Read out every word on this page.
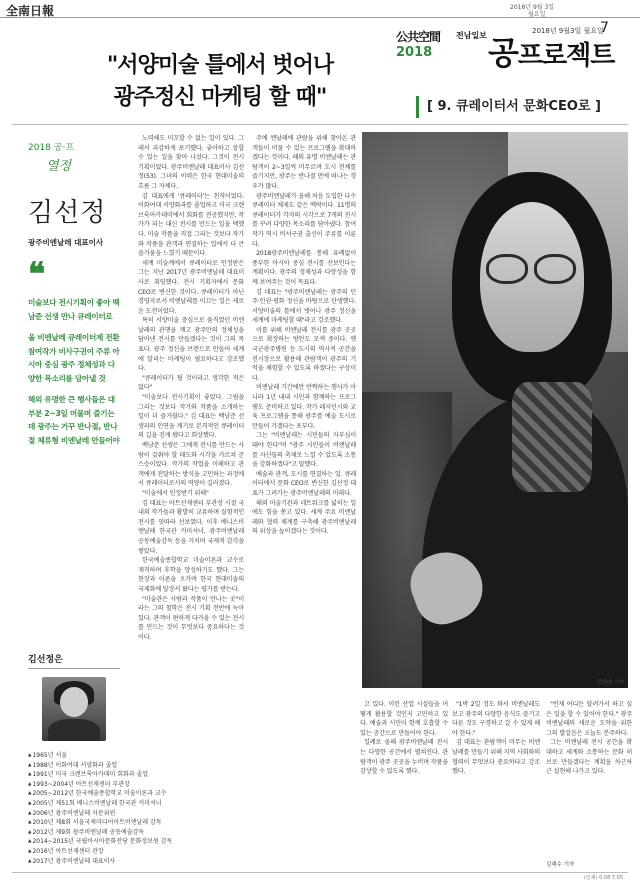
全南日報	2018년 9월 3일
월요일
公共空間
2018
전남일보 공프로젝트
2018년 9월3일 월요일
7
"서양미술 틀에서 벗어나
광주정신 마케팅 할 때"	[ 9. 큐레이터서 문화CEO로 ]
2018 공·프
열정
김선정
광주비엔날레 대표이사
❝
미술보다 전시기획이 좋아 백남준 선생 만나 큐레이터로
올 비엔날레 큐레이터제 전환 참여작가 비사구권이 주류 아시아 중심 광주 정체성과 다양한 목소리를 담아낼 것
해외 유명한 큰 행사들은 대부분 2~3일 머물며 즐기는데 광주는 거꾸 반나절, 반나절 체류형 비엔날레 만들어야
김선정은
▲ 1965년 서울
▲ 1988년 이화여대 서양화과 졸업
▲ 1991년 미국 크랜브룩아카데미 회화과 졸업
▲ 1993~2004년 아트선재센터 부관장
▲ 2005~2012년 한국예술종합학교 미술이론과 교수
▲ 2005년 제51회 베니스비엔날레 한국관 커미셔너
▲ 2006년 광주비엔날레 자문위원
▲ 2010년 제8회 서울국제미디어아트비엔날레 감독
▲ 2012년 제9회 광주비엔날레 공동예술감독
▲ 2014~2015년 국립아시아문화전당 문화정보원 감독
▲ 2016년 아트선재센터 관장
▲ 2017년 광주비엔날레 대표이사

노력해도 미꼬할 수 없는 일이 있다. 그래서 과감하게 포기했다. 좋아하고 잘할 수 있는 일을 찾아 나섰다. 그것이 전시 기획이었다. 광주비엔날레 대표이사 김선정(53). 그녀의 이력은 한국 현대미술의 흐름 그 자체다.

김 대표에게 '큐레이터'는 천직이었다. 이화여대 서양화과를 졸업하고 미국 크랜브룩아카데미에서 회화를 전공했지만, 작가가 되는 대신 전시를 만드는 일을 택했다. 미술 작품을 직접 그리는 것보다 작가와 작품을 관객과 연결하는 일에서 더 큰 즐거움을 느꼈기 때문이다.

세계 미술계에서 큐레이터로 인정받은 그는 지난 2017년 광주비엔날레 대표이사로 취임했다. 전시 기획자에서 문화 CEO로 변신한 것이다. 큐레이터가 아닌 경영자로서 비엔날레를 이끄는 일은 새로운 도전이었다.

특히 서양미술 중심으로 움직였던 비엔날레의 관행을 깨고 광주만의 정체성을 담아낸 전시를 만들겠다는 것이 그의 목표다. 광주 정신을 브랜드로 만들어 세계에 알리는 마케팅이 필요하다고 강조했다.

"큐레이터가 될 것이라고 생각한 적은 없다"

"미술보다 전시기획이 좋았다. 그림을 그리는 것보다 작가와 작품을 소개하는 일이 더 즐거웠다." 김 대표는 백남준 선생과의 인연을 계기로 본격적인 큐레이터의 길을 걷게 됐다고 회상했다.

백남준 선생은 그에게 전시를 만드는 사람이 갖춰야 할 태도와 시각을 가르쳐 준 스승이었다. 작가의 작업을 이해하고 관객에게 전달하는 방식을 고민하는 과정에서 큐레이터로서의 역량이 길러졌다.

"미술에서 인정받기 위해"

김 대표는 아트선재센터 부관장 시절 국내외 작가들과 활발히 교류하며 실험적인 전시를 잇따라 선보였다. 이후 베니스비엔날레 한국관 커미셔너, 광주비엔날레 공동예술감독 등을 거치며 국제적 감각을 쌓았다.

한국예술종합학교 미술이론과 교수로 재직하며 후학을 양성하기도 했다. 그는 현장과 이론을 오가며 한국 현대미술의 국제화에 앞장서 왔다는 평가를 받는다.

"미술관은 사람과 작품이 만나는 곳"이라는 그의 철학은 전시 기획 전반에 녹아 있다. 관객이 편하게 다가올 수 있는 전시를 만드는 것이 무엇보다 중요하다는 것이다.

주에 엔날레에 관람을 위해 찾아온 관객들이 머물 수 있는 프로그램을 확대하겠다는 것이다. 해외 유명 비엔날레는 관람객이 2~3일씩 머무르며 도시 전체를 즐기지만, 광주는 반나절 만에 떠나는 경우가 많다.

광주비엔날레가 올해 처음 도입한 다수 큐레이터 체제도 같은 맥락이다. 11명의 큐레이터가 각자의 시각으로 7개의 전시를 꾸려 다양한 목소리를 담아냈다. 참여 작가 역시 비서구권 출신이 주류를 이룬다.

2018광주비엔날레를 통해 유례없이 풍부한 아시아 중심 전시를 선보인다는 계획이다. 광주의 정체성과 다양성을 함께 보여주는 것이 목표다.

김 대표는 "광주비엔날레는 광주의 민주·인권·평화 정신을 바탕으로 탄생했다. 서양미술의 틀에서 벗어나 광주 정신을 세계에 마케팅할 때"라고 강조했다.

이를 위해 비엔날레 전시를 광주 곳곳으로 확장하는 방안도 모색 중이다. 옛 국군광주병원 등 도시의 역사적 공간을 전시장으로 활용해 관람객이 광주의 기억을 체험할 수 있도록 하겠다는 구상이다.

비엔날레 기간에만 반짝하는 행사가 아니라 1년 내내 시민과 함께하는 프로그램도 준비하고 있다. 작가 레지던시와 교육 프로그램을 통해 광주를 예술 도시로 만들어 가겠다는 포부다.

그는 "비엔날레는 시민들의 자부심이 돼야 한다"며 "광주 시민들이 비엔날레를 자신들의 축제로 느낄 수 있도록 소통을 강화하겠다"고 말했다.

예술과 관객, 도시를 연결하는 일. 큐레이터에서 문화 CEO로 변신한 김선정 대표가 그려가는 광주비엔날레의 미래다.

해외 미술기관과 네트워크를 넓히는 일에도 힘을 쏟고 있다. 세계 주요 비엔날레와 협력 체계를 구축해 광주비엔날레의 위상을 높이겠다는 것이다.

김양배 기자

고 있다. 이런 산업 시설들을 어떻게 활용할 것인지 고민하고 있다. 예술과 시민이 함께 호흡할 수 있는 공간으로 만들어야 한다.

일례로 올해 광주비엔날레 전시는 다양한 공간에서 펼쳐진다. 관람객이 광주 곳곳을 누비며 작품을 감상할 수 있도록 했다.

"1박 2일 정도 와서 비엔날레도 보고 광주의 다양한 음식도 즐기고 다른 것도 구경하고 갈 수 있게 해야 한다."

김 대표는 관람객이 머무는 비엔날레를 만들기 위해 지역 사회와의 협력이 무엇보다 중요하다고 강조했다.

"언제 어디든 달려가서 하고 싶은 일을 할 수 있어야 한다." 광주비엔날레의 새로운 도약을 위한 그의 발걸음은 오늘도 분주하다.

그는 비엔날레 전시 공간을 확대하고 세계와 소통하는 문화 허브로 만들겠다는 계획을 차근차근 실현해 나가고 있다.

김해수 기자
(인쇄) 0.08 7.05
